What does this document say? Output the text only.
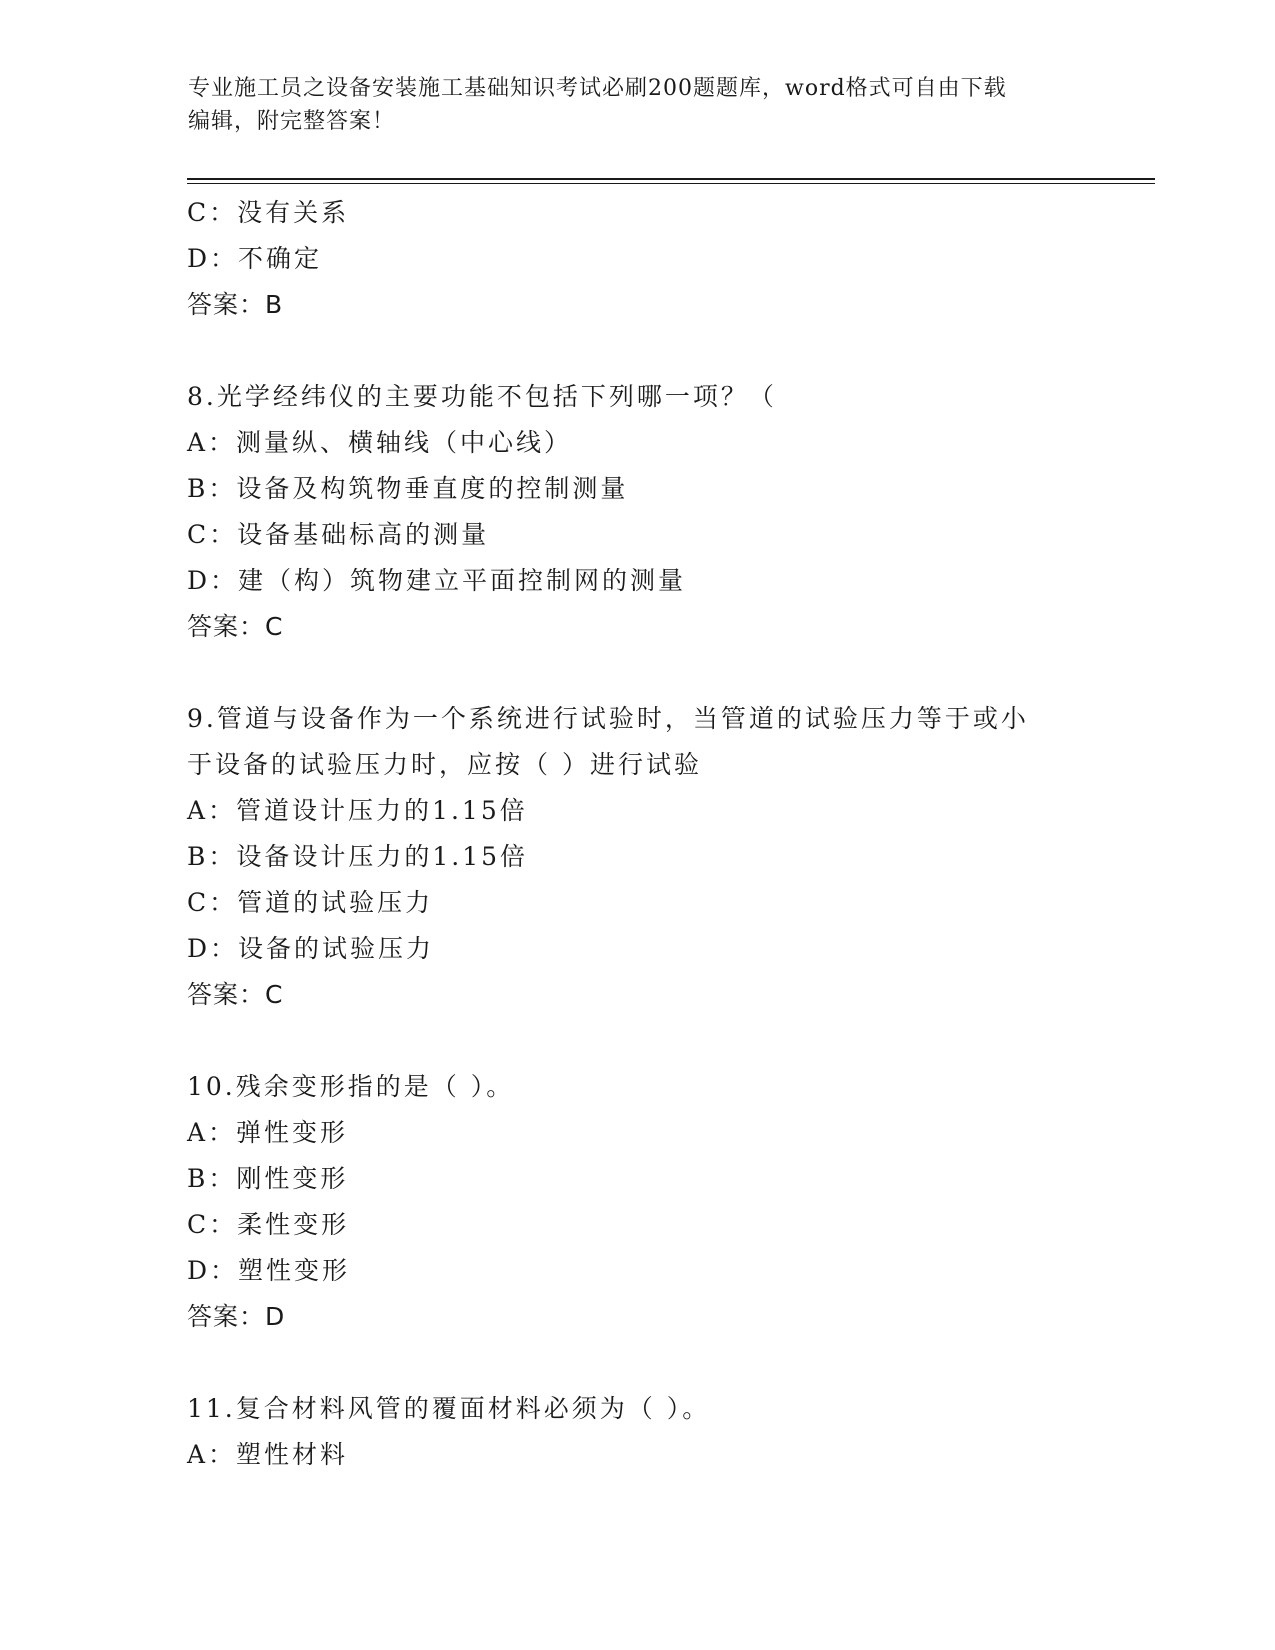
专业施工员之设备安装施工基础知识考试必刷200题题库，word格式可自由下载
编辑，附完整答案！
C：没有关系
D：不确定
答案：B
8.光学经纬仪的主要功能不包括下列哪一项？（
A：测量纵、横轴线（中心线）
B：设备及构筑物垂直度的控制测量
C：设备基础标高的测量
D：建（构）筑物建立平面控制网的测量
答案：C
9.管道与设备作为一个系统进行试验时，当管道的试验压力等于或小
于设备的试验压力时，应按（ ）进行试验
A：管道设计压力的1.15倍
B：设备设计压力的1.15倍
C：管道的试验压力
D：设备的试验压力
答案：C
10.残余变形指的是（ ）。
A：弹性变形
B：刚性变形
C：柔性变形
D：塑性变形
答案：D
11.复合材料风管的覆面材料必须为（ ）。
A：塑性材料
